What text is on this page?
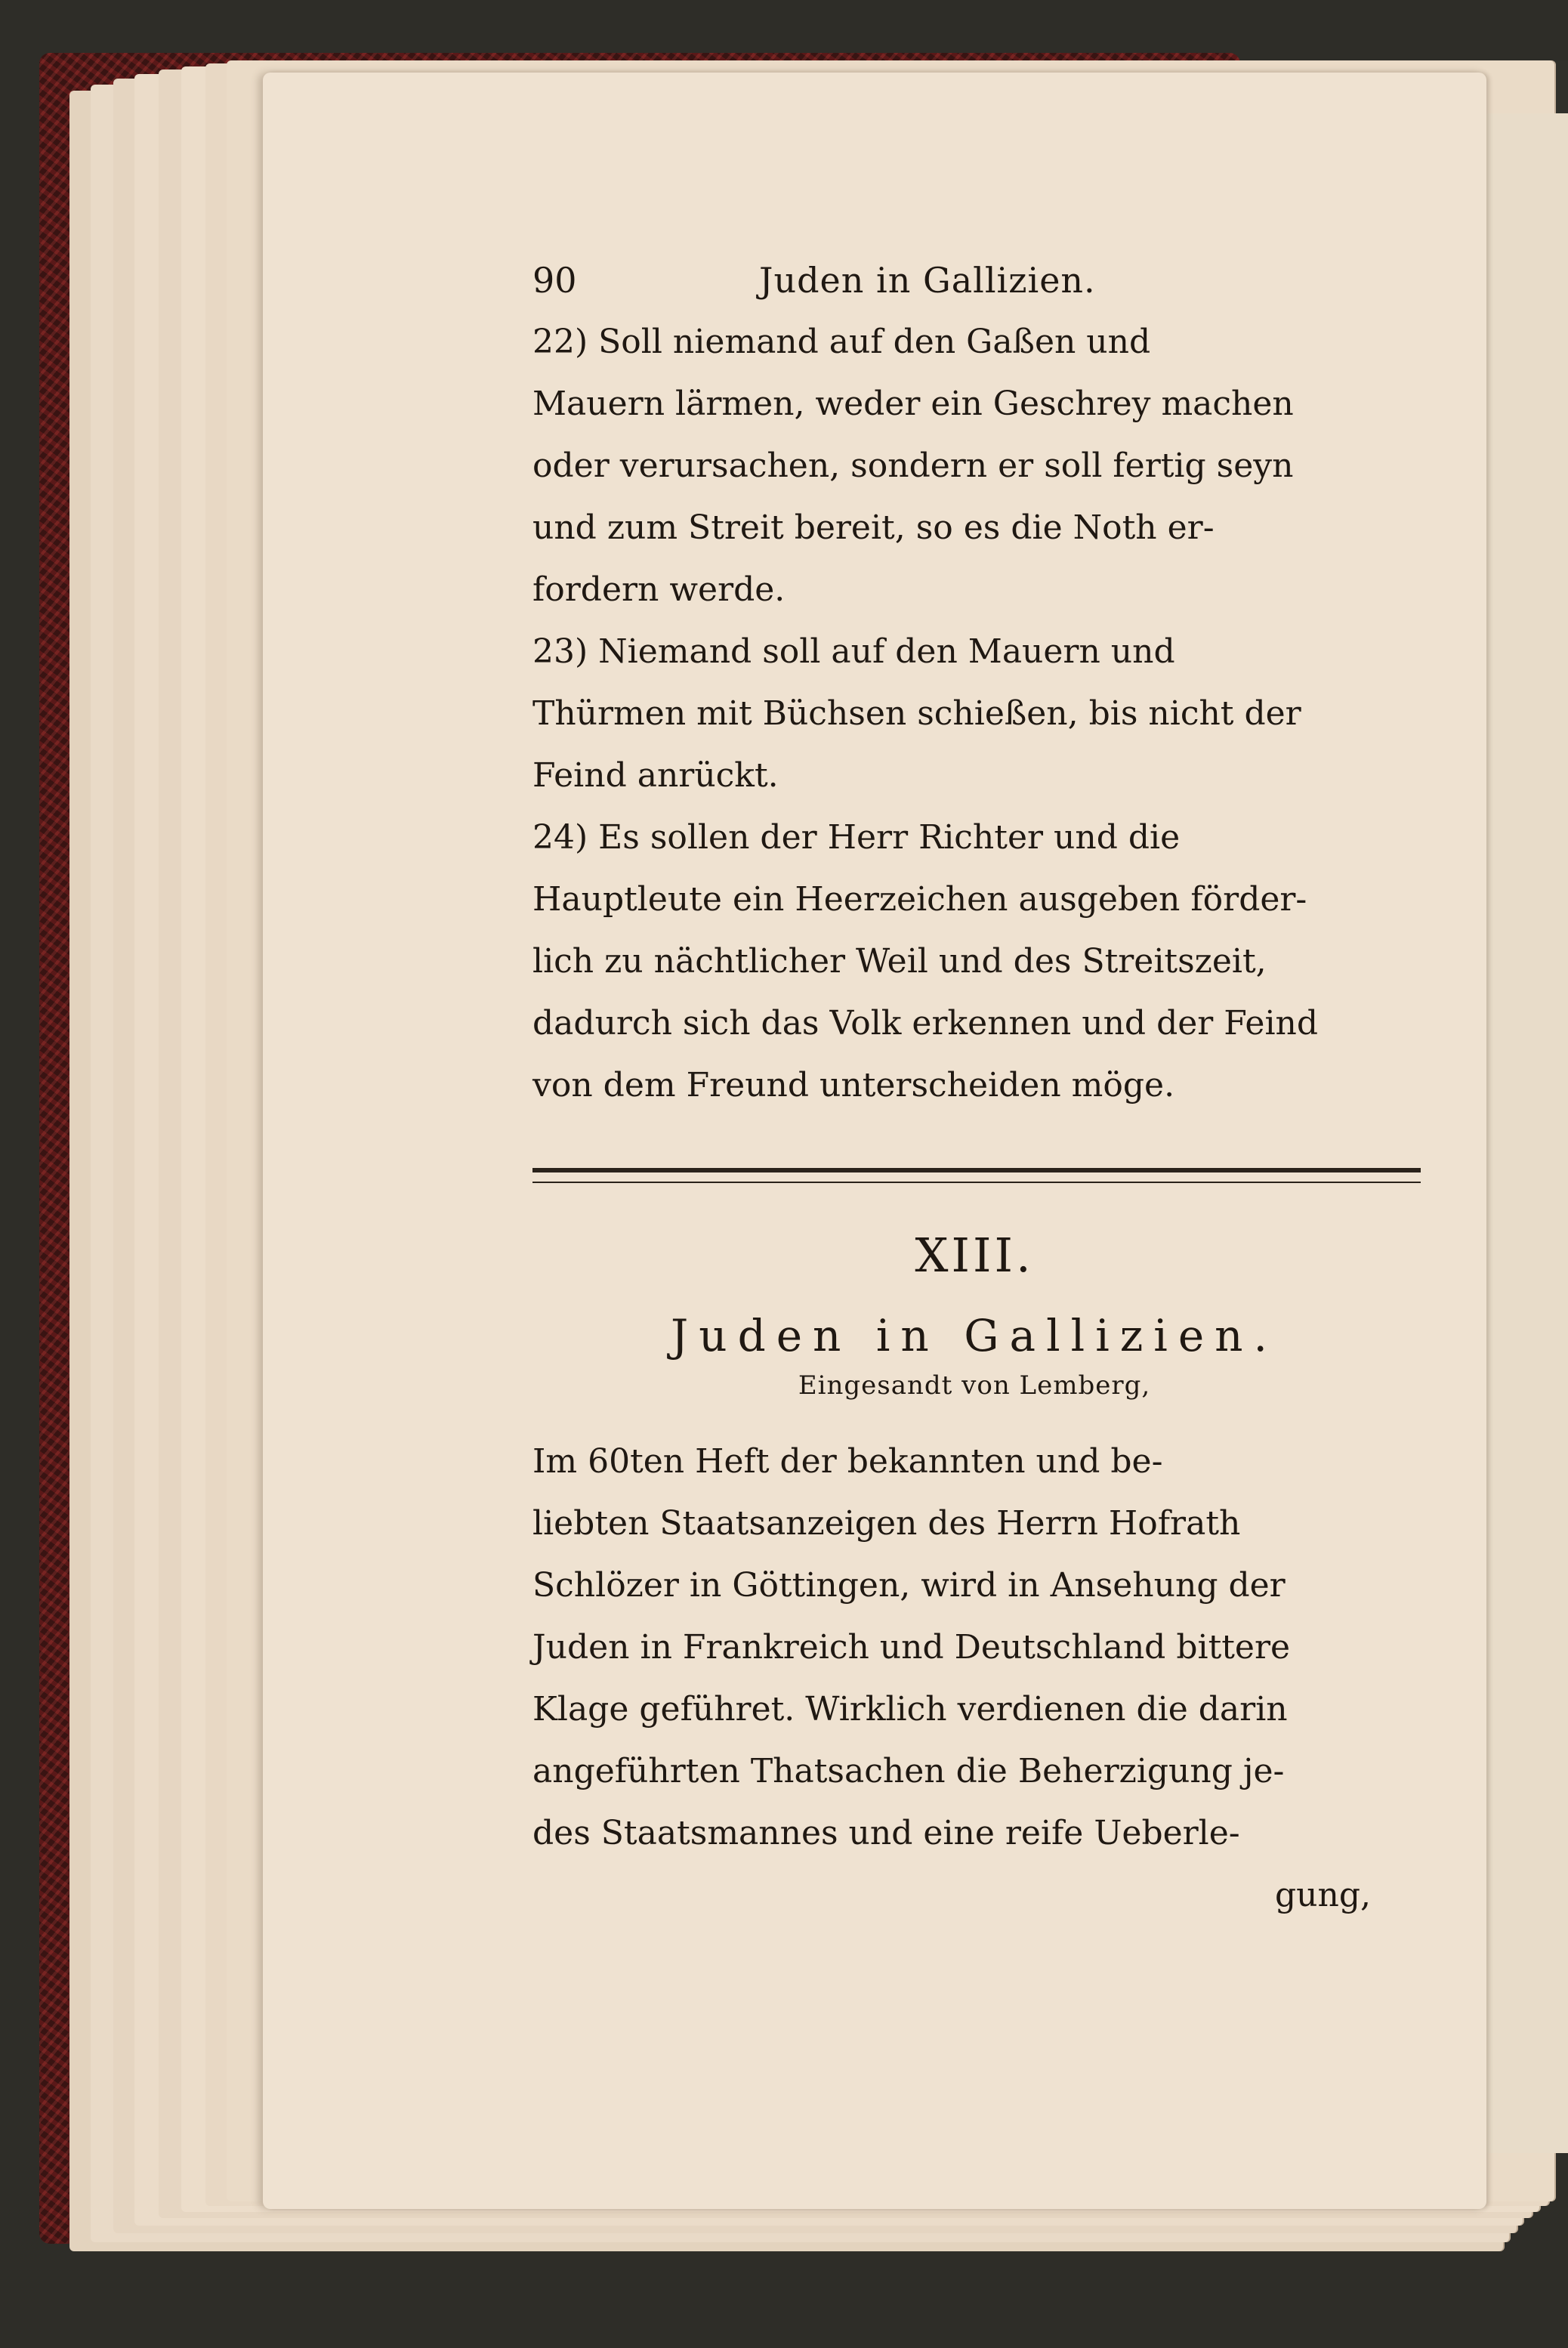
90	Juden in Gallizien.
22) Soll niemand auf den Gaßen und
Mauern lärmen, weder ein Geschrey machen
oder verursachen, sondern er soll fertig seyn
und zum Streit bereit, so es die Noth er-
fordern werde.
23) Niemand soll auf den Mauern und
Thürmen mit Büchsen schießen, bis nicht der
Feind anrückt.
24) Es sollen der Herr Richter und die
Hauptleute ein Heerzeichen ausgeben förder-
lich zu nächtlicher Weil und des Streitszeit,
dadurch sich das Volk erkennen und der Feind
von dem Freund unterscheiden möge.
XIII.
Juden in Gallizien.
Eingesandt von Lemberg,
Im 60ten Heft der bekannten und be-
liebten Staatsanzeigen des Herrn Hofrath
Schlözer in Göttingen, wird in Ansehung der
Juden in Frankreich und Deutschland bittere
Klage geführet. Wirklich verdienen die darin
angeführten Thatsachen die Beherzigung je-
des Staatsmannes und eine reife Ueberle-
gung,
